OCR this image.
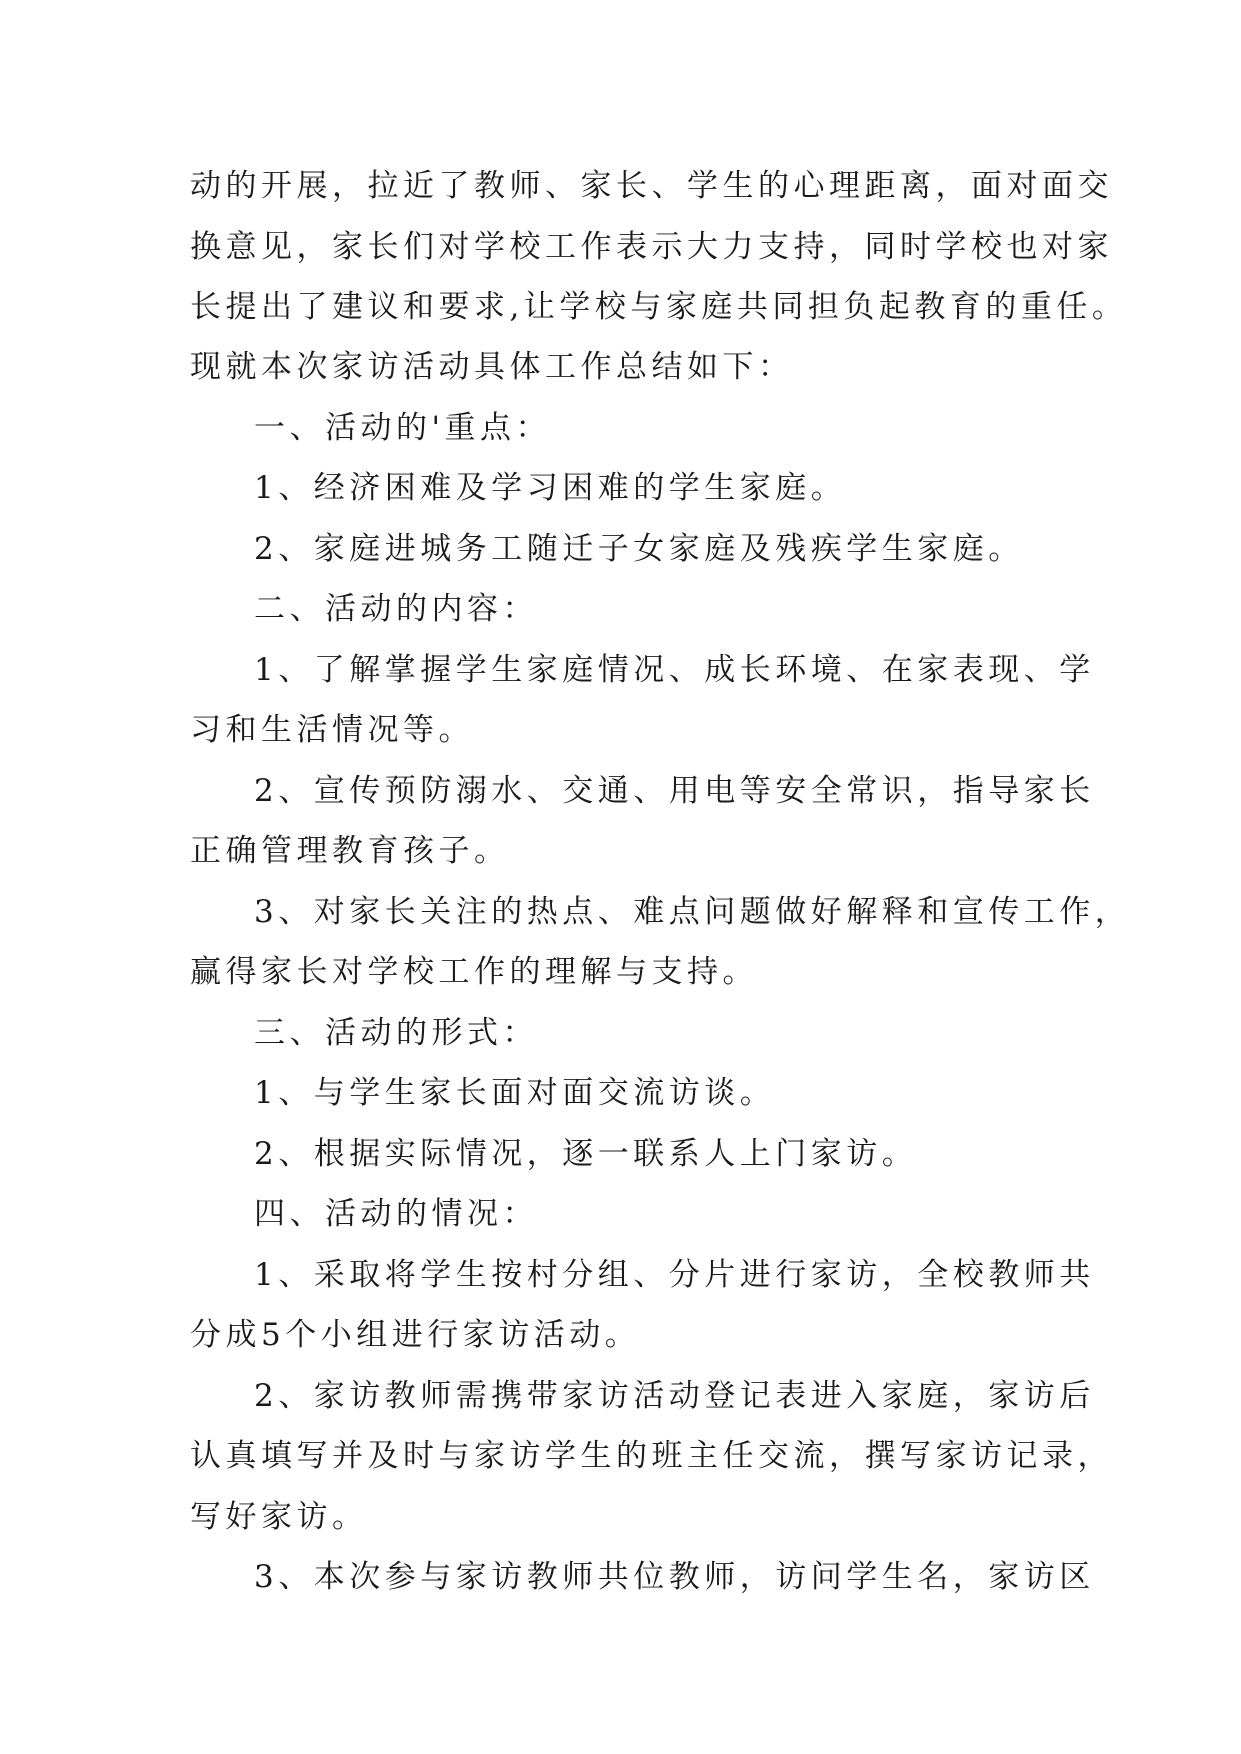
动的开展，拉近了教师、家长、学生的心理距离，面对面交
换意见，家长们对学校工作表示大力支持，同时学校也对家
长提出了建议和要求,让学校与家庭共同担负起教育的重任。
现就本次家访活动具体工作总结如下：
一、活动的'重点：
1、经济困难及学习困难的学生家庭。
2、家庭进城务工随迁子女家庭及残疾学生家庭。
二、活动的内容：
1、了解掌握学生家庭情况、成长环境、在家表现、学
习和生活情况等。
2、宣传预防溺水、交通、用电等安全常识，指导家长
正确管理教育孩子。
3、对家长关注的热点、难点问题做好解释和宣传工作，
赢得家长对学校工作的理解与支持。
三、活动的形式：
1、与学生家长面对面交流访谈。
2、根据实际情况，逐一联系人上门家访。
四、活动的情况：
1、采取将学生按村分组、分片进行家访，全校教师共
分成5个小组进行家访活动。
2、家访教师需携带家访活动登记表进入家庭，家访后
认真填写并及时与家访学生的班主任交流，撰写家访记录，
写好家访。
3、本次参与家访教师共位教师，访问学生名，家访区
